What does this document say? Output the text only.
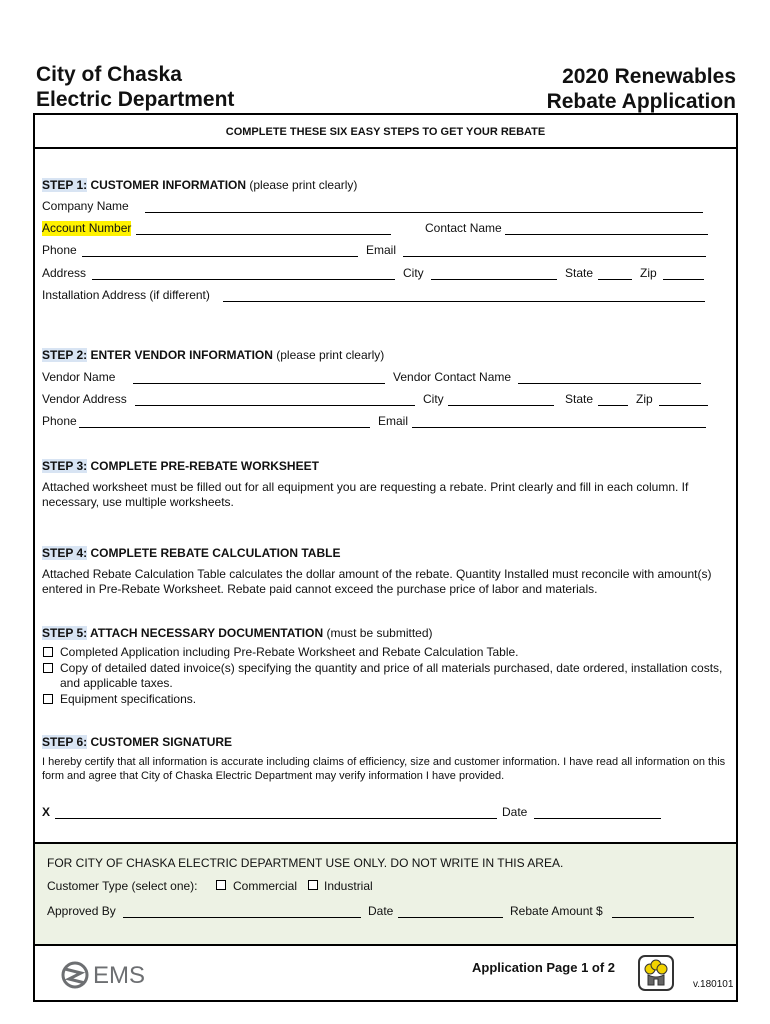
City of Chaska
Electric Department
2020 Renewables
Rebate Application
COMPLETE THESE SIX EASY STEPS TO GET YOUR REBATE
STEP 1: CUSTOMER INFORMATION (please print clearly)
Company Name
Account Number	Contact Name
Phone	Email
Address	City	State	Zip
Installation Address (if different)
STEP 2: ENTER VENDOR INFORMATION (please print clearly)
Vendor Name	Vendor Contact Name
Vendor Address	City	State	Zip
Phone	Email
STEP 3: COMPLETE PRE-REBATE WORKSHEET
Attached worksheet must be filled out for all equipment you are requesting a rebate. Print clearly and fill in each column. If necessary, use multiple worksheets.
STEP 4: COMPLETE REBATE CALCULATION TABLE
Attached Rebate Calculation Table calculates the dollar amount of the rebate. Quantity Installed must reconcile with amount(s) entered in Pre-Rebate Worksheet. Rebate paid cannot exceed the purchase price of labor and materials.
STEP 5: ATTACH NECESSARY DOCUMENTATION (must be submitted)
Completed Application including Pre-Rebate Worksheet and Rebate Calculation Table.
Copy of detailed dated invoice(s) specifying the quantity and price of all materials purchased, date ordered, installation costs, and applicable taxes.
Equipment specifications.
STEP 6: CUSTOMER SIGNATURE
I hereby certify that all information is accurate including claims of efficiency, size and customer information. I have read all information on this form and agree that City of Chaska Electric Department may verify information I have provided.
X	Date
FOR CITY OF CHASKA ELECTRIC DEPARTMENT USE ONLY. DO NOT WRITE IN THIS AREA.
Customer Type (select one):	Commercial Industrial
Approved By	Date	Rebate Amount $
EMS	Application Page 1 of 2
v.180101
